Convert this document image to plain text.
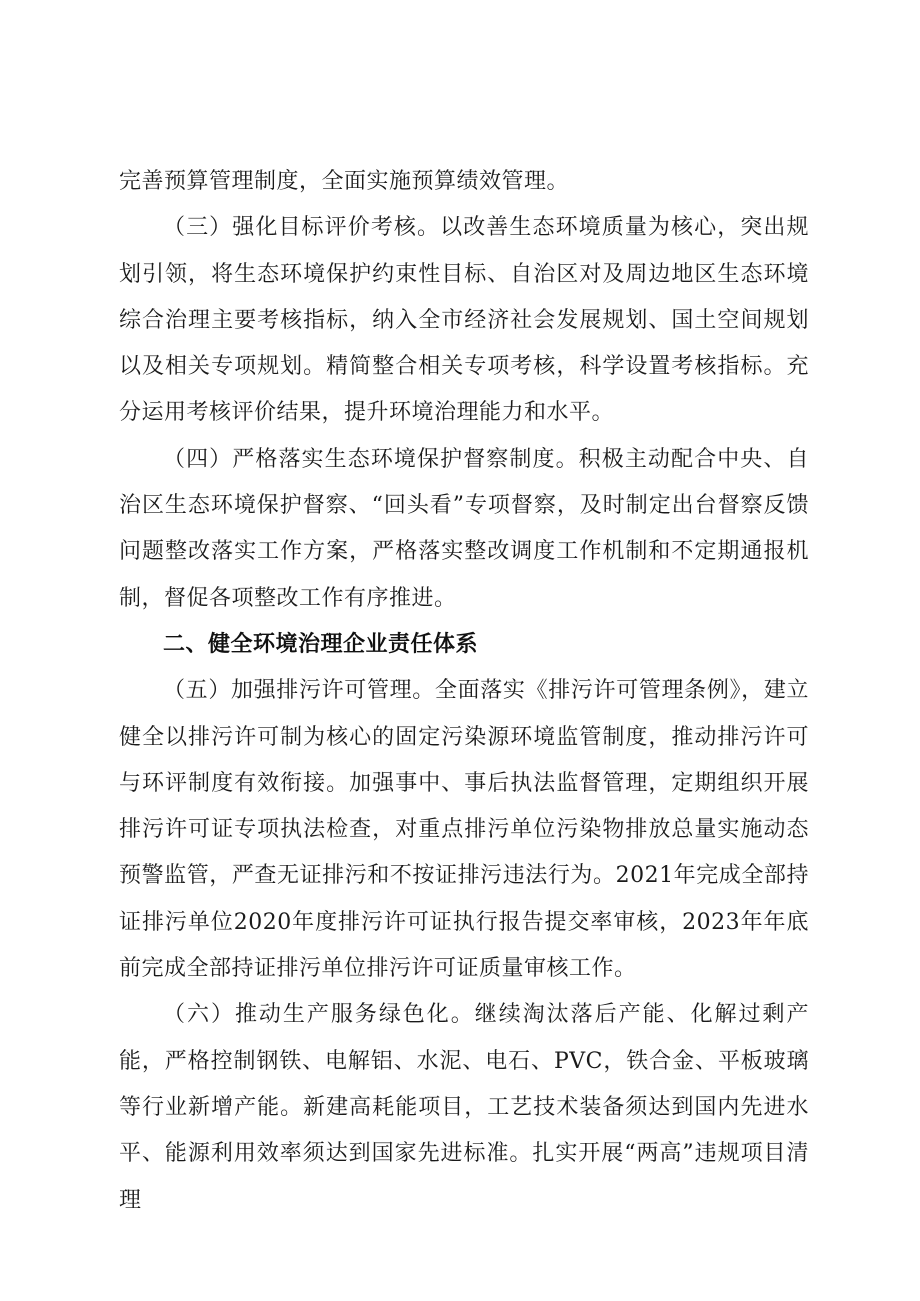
完善预算管理制度，全面实施预算绩效管理。

（三）强化目标评价考核。以改善生态环境质量为核心，突出规划引领，将生态环境保护约束性目标、自治区对及周边地区生态环境综合治理主要考核指标，纳入全市经济社会发展规划、国土空间规划以及相关专项规划。精简整合相关专项考核，科学设置考核指标。充分运用考核评价结果，提升环境治理能力和水平。

（四）严格落实生态环境保护督察制度。积极主动配合中央、自治区生态环境保护督察、“回头看”专项督察，及时制定出台督察反馈问题整改落实工作方案，严格落实整改调度工作机制和不定期通报机制，督促各项整改工作有序推进。

二、健全环境治理企业责任体系

（五）加强排污许可管理。全面落实《排污许可管理条例》，建立健全以排污许可制为核心的固定污染源环境监管制度，推动排污许可与环评制度有效衔接。加强事中、事后执法监督管理，定期组织开展排污许可证专项执法检查，对重点排污单位污染物排放总量实施动态预警监管，严查无证排污和不按证排污违法行为。2021年完成全部持证排污单位2020年度排污许可证执行报告提交率审核，2023年年底前完成全部持证排污单位排污许可证质量审核工作。

（六）推动生产服务绿色化。继续淘汰落后产能、化解过剩产能，严格控制钢铁、电解铝、水泥、电石、PVC，铁合金、平板玻璃等行业新增产能。新建高耗能项目，工艺技术装备须达到国内先进水平、能源利用效率须达到国家先进标准。扎实开展“两高”违规项目清理
